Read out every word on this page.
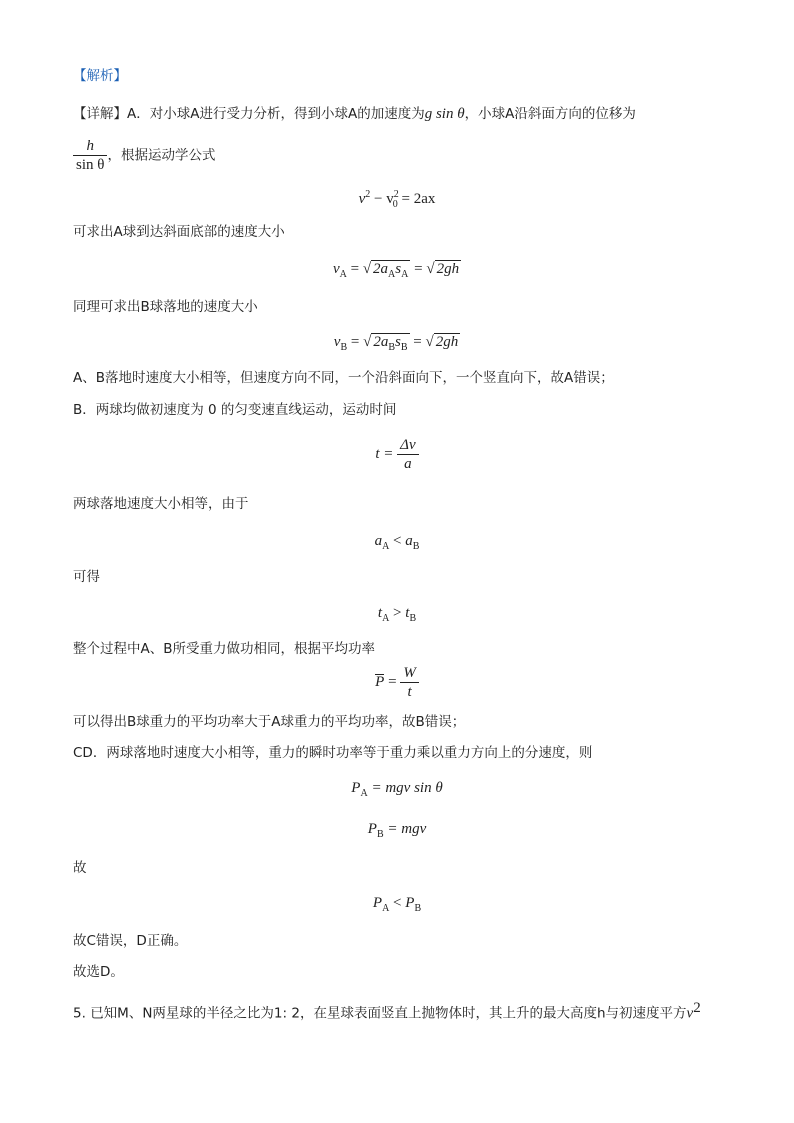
【解析】
【详解】A．对小球A进行受力分析，得到小球A的加速度为g sin θ，小球A沿斜面方向的位移为
$\frac{h}{\text{sin θ}}$ ，根据运动学公式
$v^2 - v^2_0 = 2ax$
可求出A球到达斜面底部的速度大小
$v_A$ = √ $2a_As_A$ = √ 2gh
同理可求出B球落地的速度大小
$v_B$ = √ $2a_Bs_B$ = √ 2gh
A、B落地时速度大小相等，但速度方向不同，一个沿斜面向下，一个竖直向下，故A错误；
B．两球均做初速度为 0 的匀变速直线运动，运动时间
$t = \frac{\Delta v}{a}$
两球落地速度大小相等，由于
$a_A < a_B$
可得
$t_A > t_B$
整个过程中A、B所受重力做功相同，根据平均功率
$P = \frac{W}{t}$
可以得出B球重力的平均功率大于A球重力的平均功率，故B错误；
CD．两球落地时速度大小相等，重力的瞬时功率等于重力乘以重力方向上的分速度，则
$P_A$ = mgv sin θ
$P_B$ = mgv
故
$P_A < P_B$
故C错误，D正确。
故选D。
5. 已知M、N两星球的半径之比为1: 2，在星球表面竖直上抛物体时，其上升的最大高度h与初速度平方$v^2$
